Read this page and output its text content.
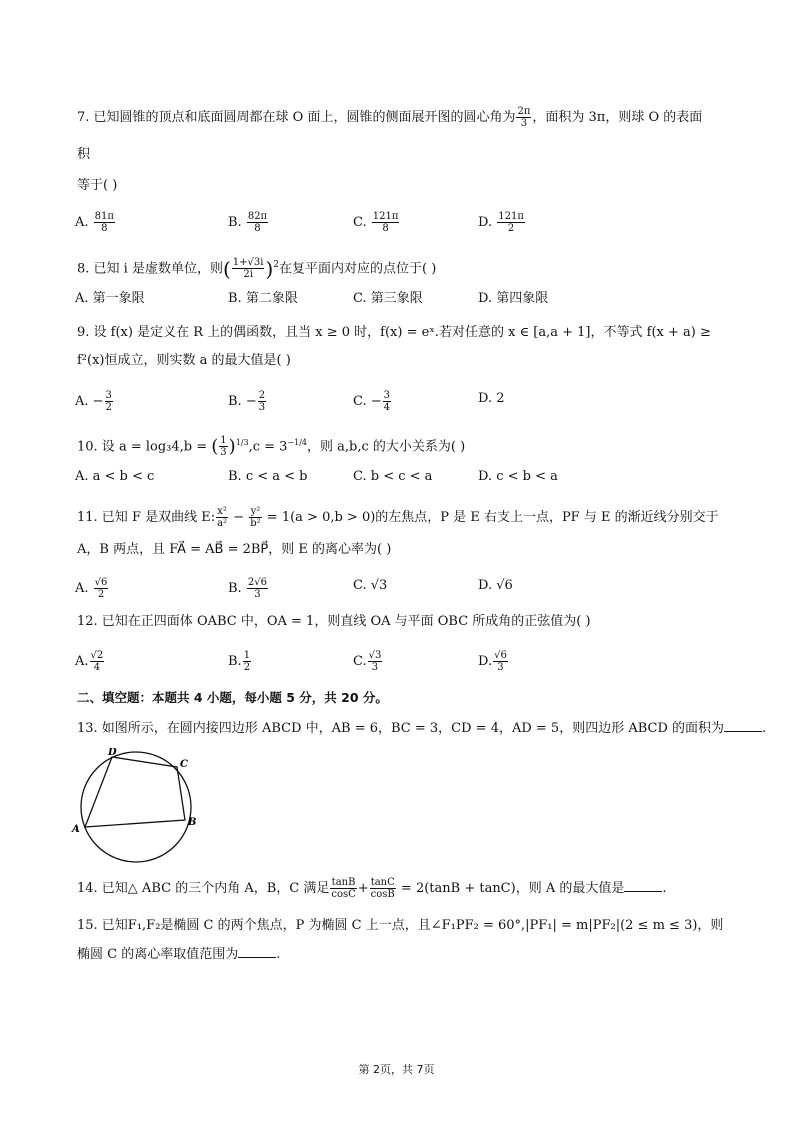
7. 已知圆锥的顶点和底面圆周都在球 O 面上，圆锥的侧面展开图的圆心角为 $\frac{2\pi}{3}$ ，面积为 3π，则球 O 的表面
积
等于( )
A. $\frac{81\pi}{8}$	B. $\frac{82\pi}{8}$	C. $\frac{121\pi}{8}$	D. $\frac{121\pi}{2}$
8. 已知 i 是虚数单位，则( $\frac{1+√3i}{2i} )^2$在复平面内对应的点位于( )
A. 第一象限	B. 第二象限	C. 第三象限	D. 第四象限
9. 设 f(x) 是定义在 R 上的偶函数，且当 x ≥ 0 时，f(x) = eˣ.若对任意的 x ∈ [a,a + 1]，不等式 f(x + a) ≥
f²(x)恒成立，则实数 a 的最大值是( )
A. − $\frac{3}{2}$	B. − $\frac{2}{3}$	C. − $\frac{3}{4}$	D. 2
10. 设 a = log₃4,b = ( $\frac{1}{3} )^{1/3},c = 3^{-1/4}$，则 a,b,c 的大小关系为( )
A. a < b < c	B. c < a < b	C. b < c < a	D. c < b < a
11. 已知 F 是双曲线 E: $\frac{\text{x²}}{\text{a²}} - \frac{\text{y²}}{\text{b²}} = 1(a > 0,b > 0)$的左焦点，P 是 E 右支上一点，PF 与 E 的渐近线分别交于
A，B 两点，且 FA⃗ = AB⃗ = 2BP⃗，则 E 的离心率为( )
A. $\frac{√6}{2}$	B. $\frac{2√6}{3}$	C. √3	D. √6
12. 已知在正四面体 OABC 中，OA = 1，则直线 OA 与平面 OBC 所成角的正弦值为( )
A. $\frac{√2}{4}$	B. $\frac{1}{2}$	C. $\frac{√3}{3}$	D. $\frac{√6}{3}$
二、填空题：本题共 4 小题，每小题 5 分，共 20 分。
13. 如图所示，在圆内接四边形 ABCD 中，AB = 6，BC = 3，CD = 4，AD = 5，则四边形 ABCD 的面积为	.
D
C
A
B
14. 已知△ ABC 的三个内角 A，B，C 满足 $\frac{\tan B}{\cos C} + \frac{\tan C}{\cos B} = 2(\tan B + \tan C)$，则 A 的最大值是	.
15. 已知F₁,F₂是椭圆 C 的两个焦点，P 为椭圆 C 上一点，且∠F₁PF₂ = 60°,|PF₁| = m|PF₂|(2 ≤ m ≤ 3)，则
椭圆 C 的离心率取值范围为	.
第 2页，共 7页
